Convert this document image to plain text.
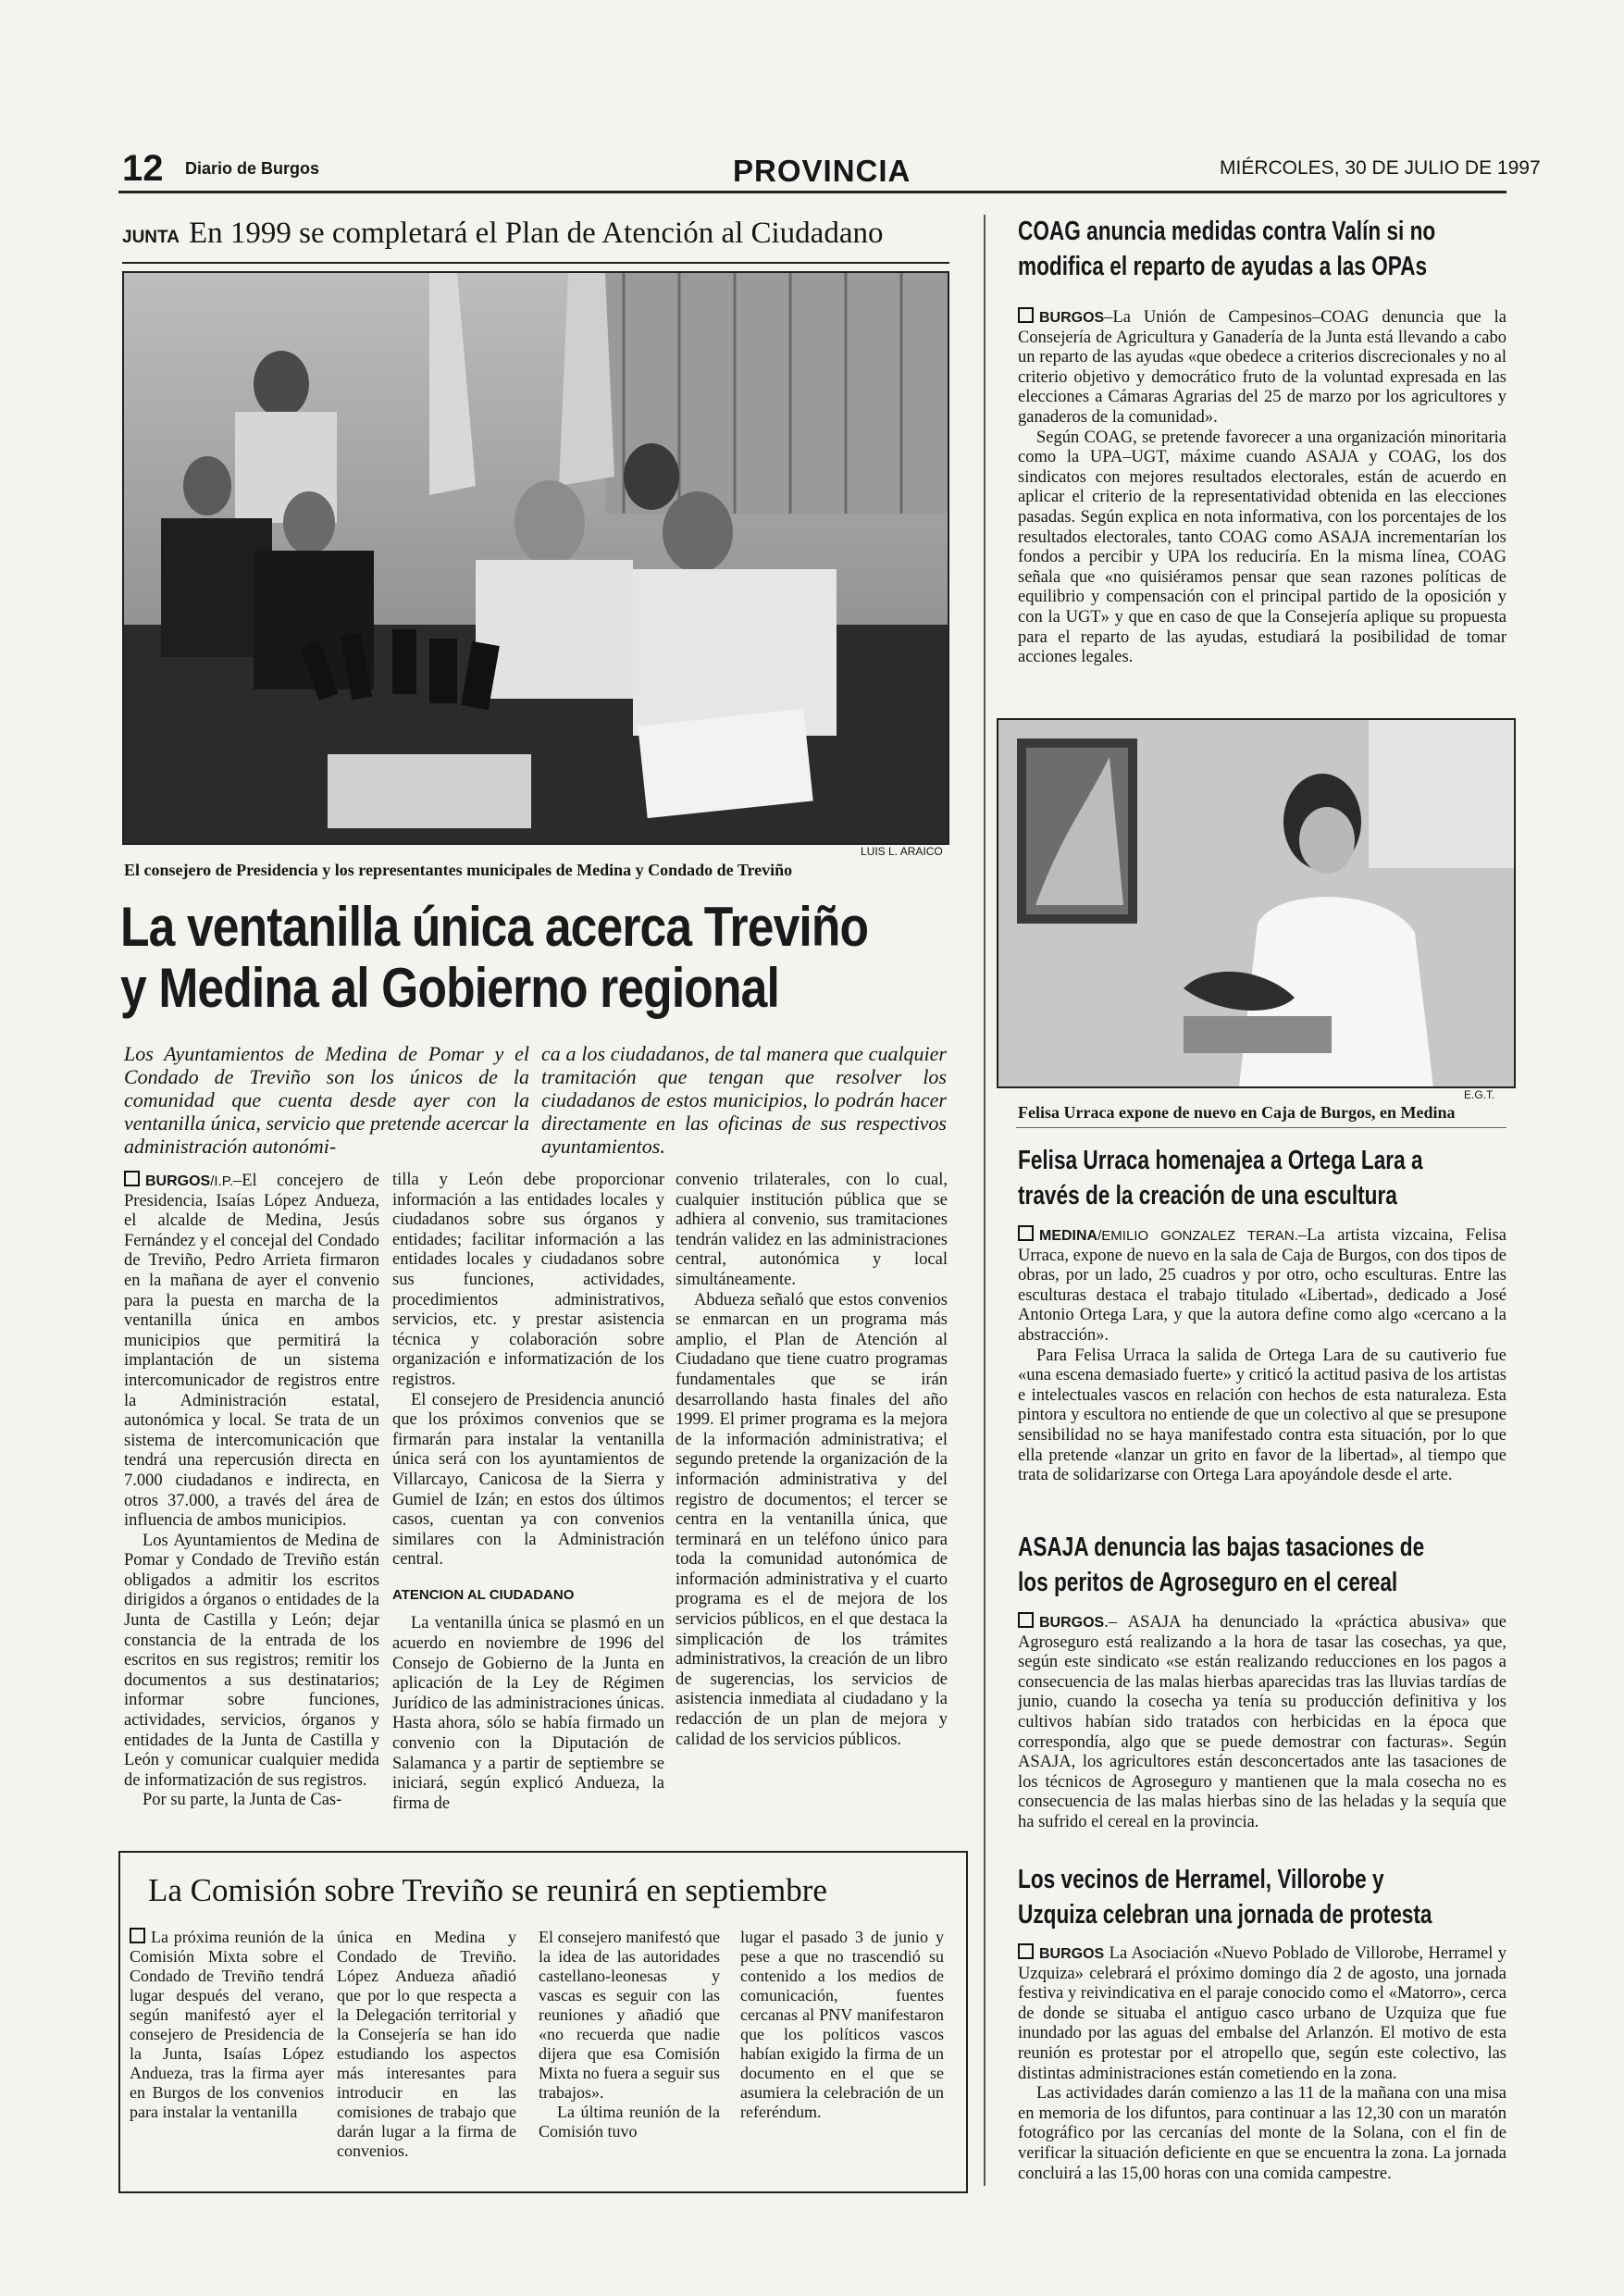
12 Diario de Burgos	PROVINCIA	MIÉRCOLES, 30 DE JULIO DE 1997
JUNTA En 1999 se completará el Plan de Atención al Ciudadano
LUIS L. ARAICO
El consejero de Presidencia y los representantes municipales de Medina y Condado de Treviño
La ventanilla única acerca Treviño
y Medina al Gobierno regional
Los Ayuntamientos de Medina de Pomar y el Condado de Treviño son los únicos de la comunidad que cuenta desde ayer con la ventanilla única, servicio que pretende acercar la administración autonómi-
ca a los ciudadanos, de tal manera que cualquier tramitación que tengan que resolver los ciudadanos de estos municipios, lo podrán hacer directamente en las oficinas de sus respectivos ayuntamientos.

BURGOS/I.P.–El concejero de Presidencia, Isaías López Andueza, el alcalde de Medina, Jesús Fernández y el concejal del Condado de Treviño, Pedro Arrieta firmaron en la mañana de ayer el convenio para la puesta en marcha de la ventanilla única en ambos municipios que permitirá la implantación de un sistema intercomunicador de registros entre la Administración estatal, autonómica y local. Se trata de un sistema de intercomunicación que tendrá una repercusión directa en 7.000 ciudadanos e indirecta, en otros 37.000, a través del área de influencia de ambos municipios.

Los Ayuntamientos de Medina de Pomar y Condado de Treviño están obligados a admitir los escritos dirigidos a órganos o entidades de la Junta de Castilla y León; dejar constancia de la entrada de los escritos en sus registros; remitir los documentos a sus destinatarios; informar sobre funciones, actividades, servicios, órganos y entidades de la Junta de Castilla y León y comunicar cualquier medida de informatización de sus registros.

Por su parte, la Junta de Cas-

tilla y León debe proporcionar información a las entidades locales y ciudadanos sobre sus órganos y entidades; facilitar información a las entidades locales y ciudadanos sobre sus funciones, actividades, procedimientos administrativos, servicios, etc. y prestar asistencia técnica y colaboración sobre organización e informatización de los registros.

El consejero de Presidencia anunció que los próximos convenios que se firmarán para instalar la ventanilla única será con los ayuntamientos de Villarcayo, Canicosa de la Sierra y Gumiel de Izán; en estos dos últimos casos, cuentan ya con convenios similares con la Administración central.

ATENCION AL CIUDADANO

La ventanilla única se plasmó en un acuerdo en noviembre de 1996 del Consejo de Gobierno de la Junta en aplicación de la Ley de Régimen Jurídico de las administraciones únicas. Hasta ahora, sólo se había firmado un convenio con la Diputación de Salamanca y a partir de septiembre se iniciará, según explicó Andueza, la firma de

convenio trilaterales, con lo cual, cualquier institución pública que se adhiera al convenio, sus tramitaciones tendrán validez en las administraciones central, autonómica y local simultáneamente.

Abdueza señaló que estos convenios se enmarcan en un programa más amplio, el Plan de Atención al Ciudadano que tiene cuatro programas fundamentales que se irán desarrollando hasta finales del año 1999. El primer programa es la mejora de la información administrativa; el segundo pretende la organización de la información administrativa y del registro de documentos; el tercer se centra en la ventanilla única, que terminará en un teléfono único para toda la comunidad autonómica de información administrativa y el cuarto programa es el de mejora de los servicios públicos, en el que destaca la simplicación de los trámites administrativos, la creación de un libro de sugerencias, los servicios de asistencia inmediata al ciudadano y la redacción de un plan de mejora y calidad de los servicios públicos.

La Comisión sobre Treviño se reunirá en septiembre

La próxima reunión de la Comisión Mixta sobre el Condado de Treviño tendrá lugar después del verano, según manifestó ayer el consejero de Presidencia de la Junta, Isaías López Andueza, tras la firma ayer en Burgos de los convenios para instalar la ventanilla

única en Medina y Condado de Treviño. López Andueza añadió que por lo que respecta a la Delegación territorial y la Consejería se han ido estudiando los aspectos más interesantes para introducir en las comisiones de trabajo que darán lugar a la firma de convenios.

El consejero manifestó que la idea de las autoridades castellano-leonesas y vascas es seguir con las reuniones y añadió que «no recuerda que nadie dijera que esa Comisión Mixta no fuera a seguir sus trabajos».

La última reunión de la Comisión tuvo

lugar el pasado 3 de junio y pese a que no trascendió su contenido a los medios de comunicación, fuentes cercanas al PNV manifestaron que los políticos vascos habían exigido la firma de un documento en el que se asumiera la celebración de un referéndum.

COAG anuncia medidas contra Valín si no
modifica el reparto de ayudas a las OPAs

BURGOS–La Unión de Campesinos–COAG denuncia que la Consejería de Agricultura y Ganadería de la Junta está llevando a cabo un reparto de las ayudas «que obedece a criterios discrecionales y no al criterio objetivo y democrático fruto de la voluntad expresada en las elecciones a Cámaras Agrarias del 25 de marzo por los agricultores y ganaderos de la comunidad».

Según COAG, se pretende favorecer a una organización minoritaria como la UPA–UGT, máxime cuando ASAJA y COAG, los dos sindicatos con mejores resultados electorales, están de acuerdo en aplicar el criterio de la representatividad obtenida en las elecciones pasadas. Según explica en nota informativa, con los porcentajes de los resultados electorales, tanto COAG como ASAJA incrementarían los fondos a percibir y UPA los reduciría. En la misma línea, COAG señala que «no quisiéramos pensar que sean razones políticas de equilibrio y compensación con el principal partido de la oposición y con la UGT» y que en caso de que la Consejería aplique su propuesta para el reparto de las ayudas, estudiará la posibilidad de tomar acciones legales.

E.G.T.
Felisa Urraca expone de nuevo en Caja de Burgos, en Medina
Felisa Urraca homenajea a Ortega Lara a
través de la creación de una escultura

MEDINA/EMILIO GONZALEZ TERAN.–La artista vizcaina, Felisa Urraca, expone de nuevo en la sala de Caja de Burgos, con dos tipos de obras, por un lado, 25 cuadros y por otro, ocho esculturas. Entre las esculturas destaca el trabajo titulado «Libertad», dedicado a José Antonio Ortega Lara, y que la autora define como algo «cercano a la abstracción».

Para Felisa Urraca la salida de Ortega Lara de su cautiverio fue «una escena demasiado fuerte» y criticó la actitud pasiva de los artistas e intelectuales vascos en relación con hechos de esta naturaleza. Esta pintora y escultora no entiende de que un colectivo al que se presupone sensibilidad no se haya manifestado contra esta situación, por lo que ella pretende «lanzar un grito en favor de la libertad», al tiempo que trata de solidarizarse con Ortega Lara apoyándole desde el arte.

ASAJA denuncia las bajas tasaciones de
los peritos de Agroseguro en el cereal

BURGOS.– ASAJA ha denunciado la «práctica abusiva» que Agroseguro está realizando a la hora de tasar las cosechas, ya que, según este sindicato «se están realizando reducciones en los pagos a consecuencia de las malas hierbas aparecidas tras las lluvias tardías de junio, cuando la cosecha ya tenía su producción definitiva y los cultivos habían sido tratados con herbicidas en la época que correspondía, algo que se puede demostrar con facturas». Según ASAJA, los agricultores están desconcertados ante las tasaciones de los técnicos de Agroseguro y mantienen que la mala cosecha no es consecuencia de las malas hierbas sino de las heladas y la sequía que ha sufrido el cereal en la provincia.

Los vecinos de Herramel, Villorobe y
Uzquiza celebran una jornada de protesta

BURGOS La Asociación «Nuevo Poblado de Villorobe, Herramel y Uzquiza» celebrará el próximo domingo día 2 de agosto, una jornada festiva y reivindicativa en el paraje conocido como el «Matorro», cerca de donde se situaba el antiguo casco urbano de Uzquiza que fue inundado por las aguas del embalse del Arlanzón. El motivo de esta reunión es protestar por el atropello que, según este colectivo, las distintas administraciones están cometiendo en la zona.

Las actividades darán comienzo a las 11 de la mañana con una misa en memoria de los difuntos, para continuar a las 12,30 con un maratón fotográfico por las cercanías del monte de la Solana, con el fin de verificar la situación deficiente en que se encuentra la zona. La jornada concluirá a las 15,00 horas con una comida campestre.
